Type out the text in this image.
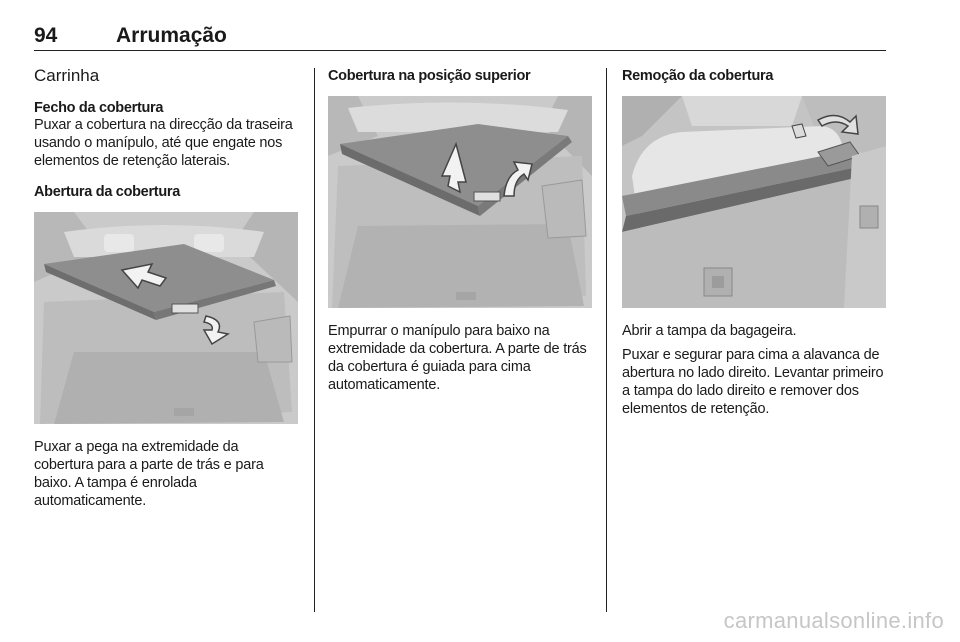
94	Arrumação
Carrinha

Fecho da cobertura

Puxar a cobertura na direcção da traseira usando o manípulo, até que engate nos elementos de retenção laterais.

Abertura da cobertura

Puxar a pega na extremidade da cobertura para a parte de trás e para baixo. A tampa é enrolada automaticamente.

Cobertura na posição superior

Empurrar o manípulo para baixo na extremidade da cobertura. A parte de trás da cobertura é guiada para cima automaticamente.

Remoção da cobertura

Abrir a tampa da bagageira.

Puxar e segurar para cima a alavanca de abertura no lado direito. Levantar primeiro a tampa do lado direito e remover dos elementos de retenção.

carmanualsonline.info
